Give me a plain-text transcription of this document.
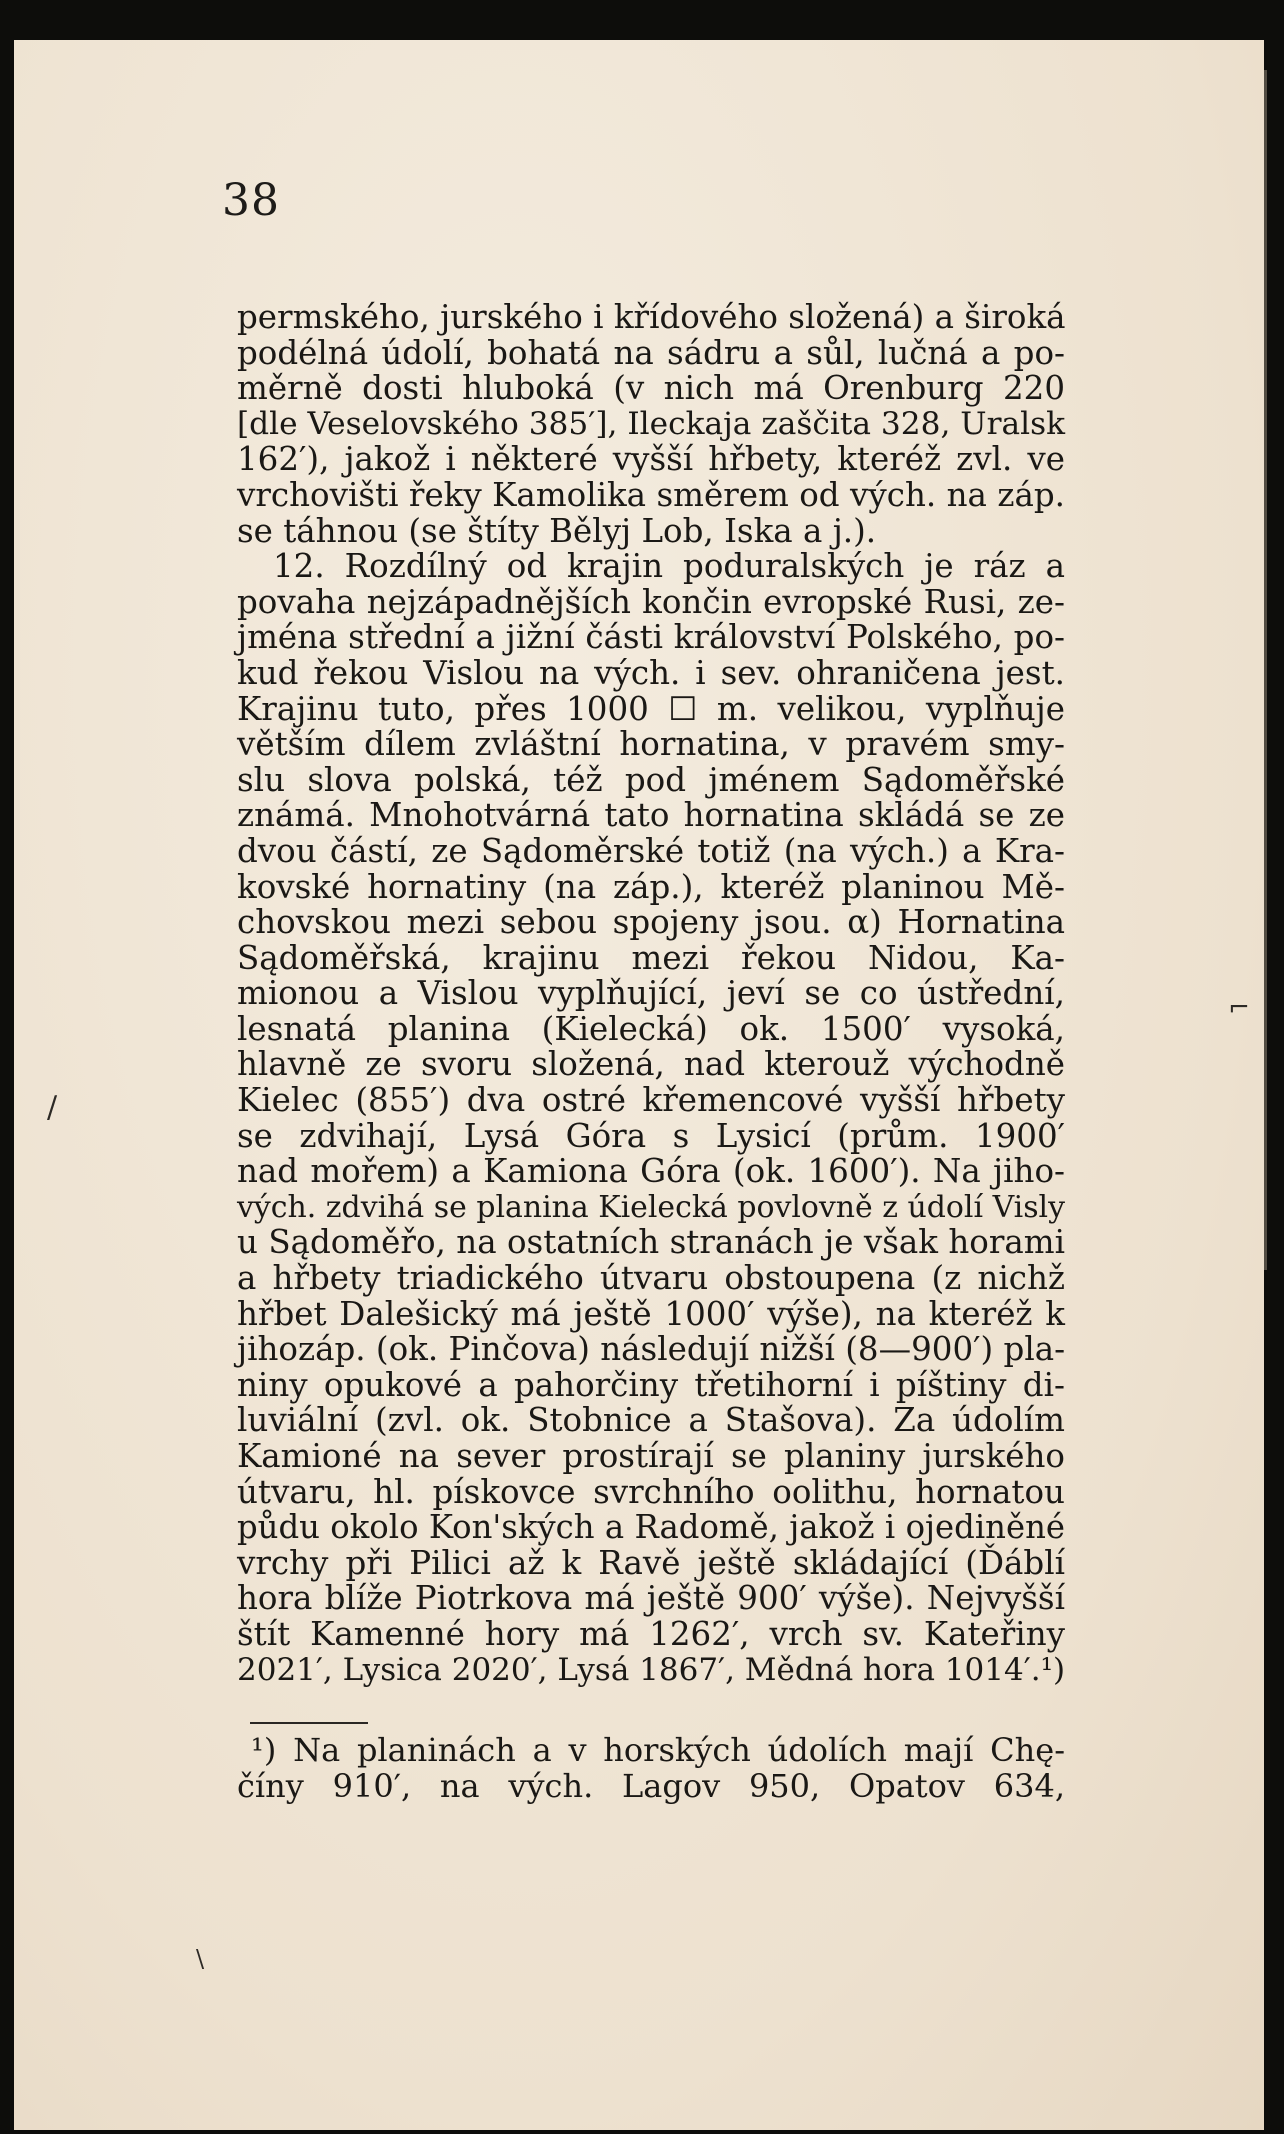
38
permského, jurského i křídového složená) a široká
podélná údolí, bohatá na sádru a sůl, lučná a po-
měrně dosti hluboká (v nich má Orenburg 220
[dle Veselovského 385′], Ileckaja zaščita 328, Uralsk
162′), jakož i některé vyšší hřbety, kteréž zvl. ve
vrchovišti řeky Kamolika směrem od vých. na záp.
se táhnou (se štíty Bělyj Lob, Iska a j.).
12. Rozdílný od krajin poduralských je ráz a
povaha nejzápadnějších končin evropské Rusi, ze-
jména střední a jižní části království Polského, po-
kud řekou Vislou na vých. i sev. ohraničena jest.
Krajinu tuto, přes 1000 ☐ m. velikou, vyplňuje
větším dílem zvláštní hornatina, v pravém smy-
slu slova polská, též pod jménem Sądoměřské
známá. Mnohotvárná tato hornatina skládá se ze
dvou částí, ze Sądoměrské totiž (na vých.) a Kra-
kovské hornatiny (na záp.), kteréž planinou Mě-
chovskou mezi sebou spojeny jsou. α) Hornatina
Sądoměřská, krajinu mezi řekou Nidou, Ka-
mionou a Vislou vyplňující, jeví se co ústřední,
lesnatá planina (Kielecká) ok. 1500′ vysoká,
hlavně ze svoru složená, nad kterouž východně
Kielec (855′) dva ostré křemencové vyšší hřbety
se zdvihají, Lysá Góra s Lysicí (prům. 1900′
nad mořem) a Kamiona Góra (ok. 1600′). Na jiho-
vých. zdvihá se planina Kielecká povlovně z údolí Visly
u Sądoměřo, na ostatních stranách je však horami
a hřbety triadického útvaru obstoupena (z nichž
hřbet Dalešický má ještě 1000′ výše), na kteréž k
jihozáp. (ok. Pinčova) následují nižší (8—900′) pla-
niny opukové a pahorčiny třetihorní i píštiny di-
luviální (zvl. ok. Stobnice a Stašova). Za údolím
Kamioné na sever prostírají se planiny jurského
útvaru, hl. pískovce svrchního oolithu, hornatou
půdu okolo Kon'ských a Radomě, jakož i ojediněné
vrchy při Pilici až k Ravě ještě skládající (Ďáblí
hora blíže Piotrkova má ještě 900′ výše). Nejvyšší
štít Kamenné hory má 1262′, vrch sv. Kateřiny
2021′, Lysica 2020′, Lysá 1867′, Mědná hora 1014′.¹)
¹) Na planinách a v horských údolích mají Chę-
číny 910′, na vých. Lagov 950, Opatov 634,
/
⌐
\
